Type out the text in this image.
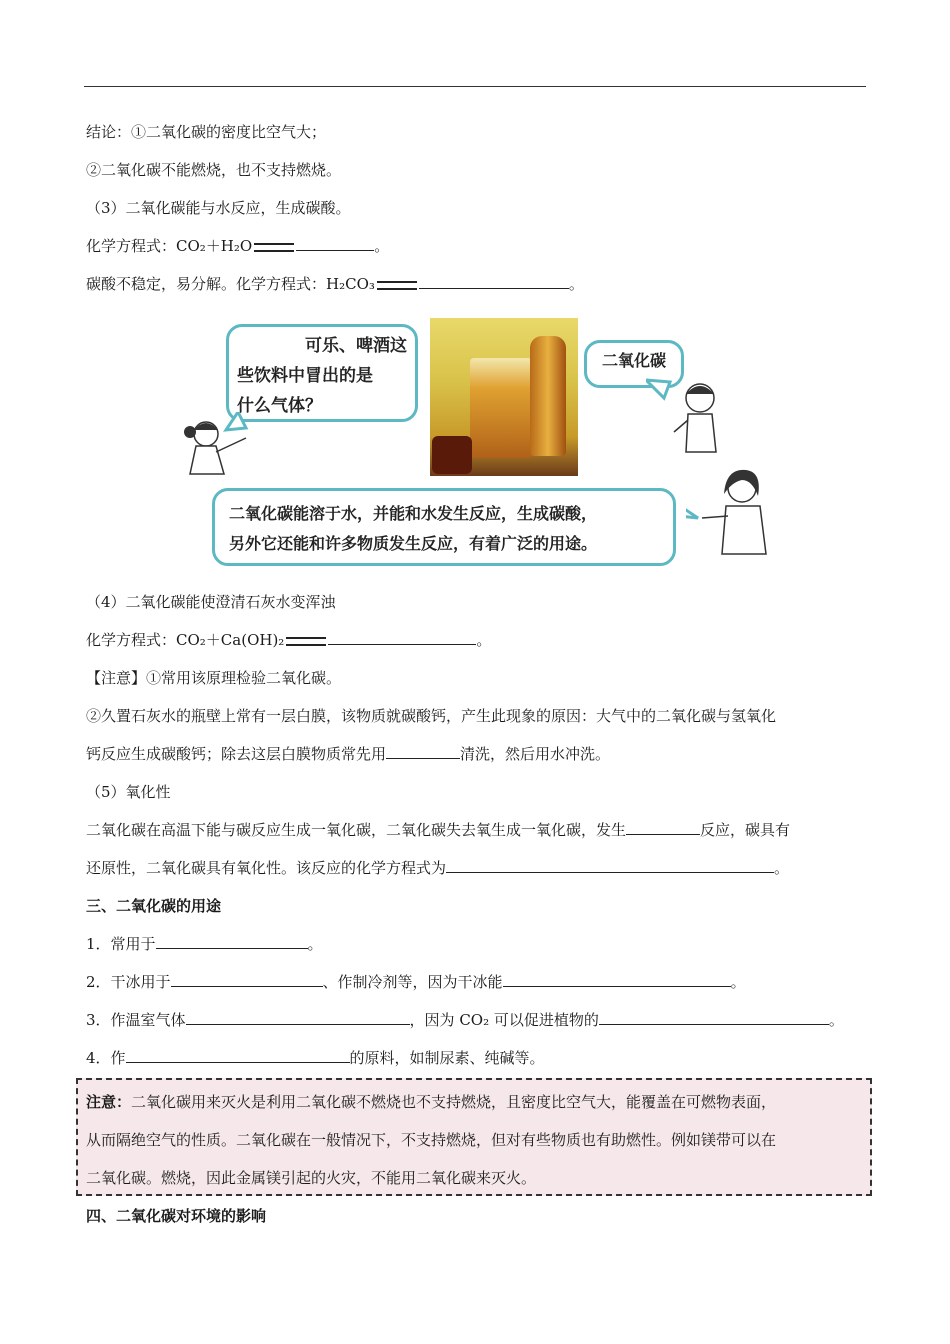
结论：①二氧化碳的密度比空气大；
②二氧化碳不能燃烧，也不支持燃烧。
（3）二氧化碳能与水反应，生成碳酸。
化学方程式：CO₂＋H₂O	。
碳酸不稳定，易分解。化学方程式：H₂CO₃	。
可乐、啤酒这
些饮料中冒出的是
什么气体？
二氧化碳
二氧化碳能溶于水，并能和水发生反应，生成碳酸，
另外它还能和许多物质发生反应，有着广泛的用途。
（4）二氧化碳能使澄清石灰水变浑浊
化学方程式：CO₂＋Ca(OH)₂	。
【注意】①常用该原理检验二氧化碳。
②久置石灰水的瓶壁上常有一层白膜，该物质就碳酸钙，产生此现象的原因：大气中的二氧化碳与氢氧化
钙反应生成碳酸钙；除去这层白膜物质常先用	清洗，然后用水冲洗。
（5）氧化性
二氧化碳在高温下能与碳反应生成一氧化碳，二氧化碳失去氧生成一氧化碳，发生	反应，碳具有
还原性，二氧化碳具有氧化性。该反应的化学方程式为	。
三、二氧化碳的用途
1．常用于	。
2．干冰用于	、作制冷剂等，因为干冰能	。
3．作温室气体	，因为 CO₂ 可以促进植物的	。
4．作	的原料，如制尿素、纯碱等。
注意：二氧化碳用来灭火是利用二氧化碳不燃烧也不支持燃烧，且密度比空气大，能覆盖在可燃物表面，
从而隔绝空气的性质。二氧化碳在一般情况下，不支持燃烧，但对有些物质也有助燃性。例如镁带可以在
二氧化碳。燃烧，因此金属镁引起的火灾，不能用二氧化碳来灭火。
四、二氧化碳对环境的影响
